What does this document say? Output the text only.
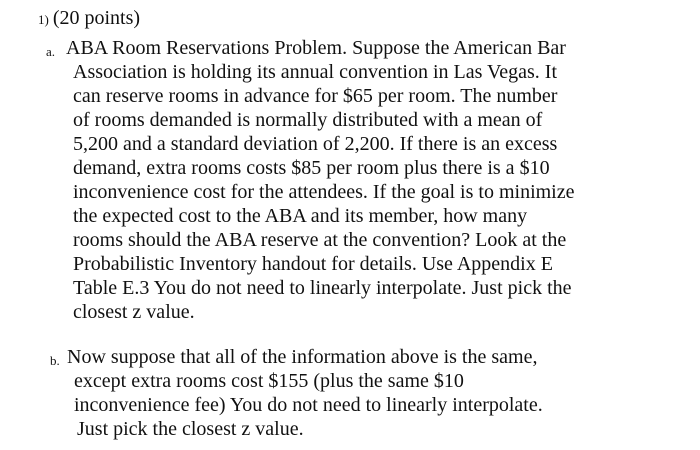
1) (20 points)
a. ABA Room Reservations Problem. Suppose the American Bar
Association is holding its annual convention in Las Vegas. It
can reserve rooms in advance for $65 per room. The number
of rooms demanded is normally distributed with a mean of
5,200 and a standard deviation of 2,200. If there is an excess
demand, extra rooms costs $85 per room plus there is a $10
inconvenience cost for the attendees. If the goal is to minimize
the expected cost to the ABA and its member, how many
rooms should the ABA reserve at the convention? Look at the
Probabilistic Inventory handout for details. Use Appendix E
Table E.3 You do not need to linearly interpolate. Just pick the
closest z value.
b. Now suppose that all of the information above is the same,
except extra rooms cost $155 (plus the same $10
inconvenience fee) You do not need to linearly interpolate.
Just pick the closest z value.
